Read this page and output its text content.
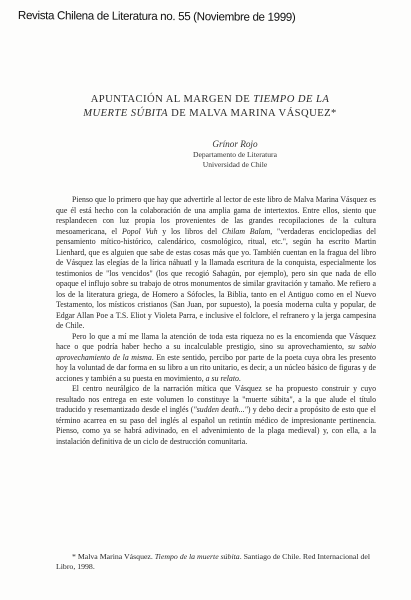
Revista Chilena de Literatura no. 55 (Noviembre de 1999)
APUNTACIÓN AL MARGEN DE TIEMPO DE LA
MUERTE SÚBITA DE MALVA MARINA VÁSQUEZ*
Grínor Rojo
Departamento de Literatura
Universidad de Chile

Pienso que lo primero que hay que advertirle al lector de este libro de Malva Marina Vásquez es que él está hecho con la colaboración de una amplia gama de intertextos. Entre ellos, siento que resplandecen con luz propia los provenientes de las grandes recopilaciones de la cultura mesoamericana, el Popol Vuh y los libros del Chilam Balam, "verdaderas enciclopedias del pensamiento mítico-histórico, calendárico, cosmológico, ritual, etc.", según ha escrito Martin Lienhard, que es alguien que sabe de estas cosas más que yo. También cuentan en la fragua del libro de Vásquez las elegías de la lírica náhuatl y la llamada escritura de la conquista, especialmente los testimonios de "los vencidos" (los que recogió Sahagún, por ejemplo), pero sin que nada de ello opaque el influjo sobre su trabajo de otros monumentos de similar gravitación y tamaño. Me refiero a los de la literatura griega, de Homero a Sófocles, la Biblia, tanto en el Antiguo como en el Nuevo Testamento, los místicos cristianos (San Juan, por supuesto), la poesía moderna culta y popular, de Edgar Allan Poe a T.S. Eliot y Violeta Parra, e inclusive el folclore, el refranero y la jerga campesina de Chile.

Pero lo que a mí me llama la atención de toda esta riqueza no es la encomienda que Vásquez hace o que podría haber hecho a su incalculable prestigio, sino su aprovechamiento, su sabio aprovechamiento de la misma. En este sentido, percibo por parte de la poeta cuya obra les presento hoy la voluntad de dar forma en su libro a un rito unitario, es decir, a un núcleo básico de figuras y de acciones y también a su puesta en movimiento, a su relato.

El centro neurálgico de la narración mítica que Vásquez se ha propuesto construir y cuyo resultado nos entrega en este volumen lo constituye la "muerte súbita", a la que alude el título traducido y resemantizado desde el inglés ("sudden death...") y debo decir a propósito de esto que el término acarrea en su paso del inglés al español un retintín médico de impresionante pertinencia. Pienso, como ya se habrá adivinado, en el advenimiento de la plaga medieval) y, con ella, a la instalación definitiva de un ciclo de destrucción comunitaria.

* Malva Marina Vásquez. Tiempo de la muerte súbita. Santiago de Chile. Red Internacional del Libro, 1998.
